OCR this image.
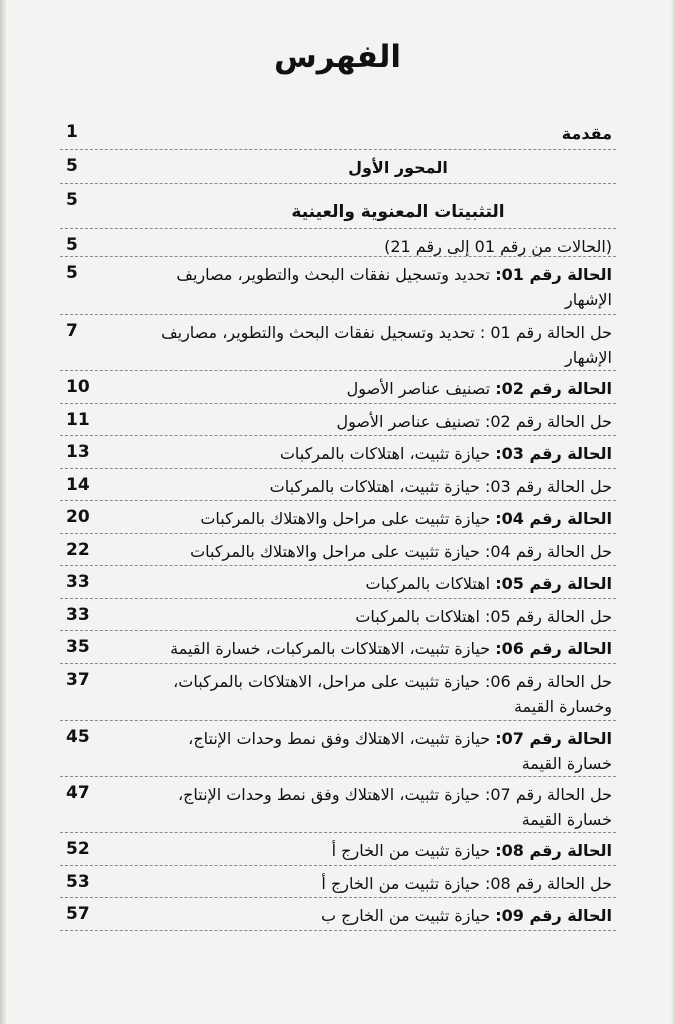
الفهرس
مقدمة
1
المحور الأول
5
التثبيتات المعنوية والعينية
5
(الحالات من رقم 01 إلى رقم 21)
5
الحالة رقم 01: تحديد وتسجيل نفقات البحث والتطوير، مصاريف الإشهار
5
حل الحالة رقم 01 : تحديد وتسجيل نفقات البحث والتطوير، مصاريف الإشهار
7
الحالة رقم 02: تصنيف عناصر الأصول
10
حل الحالة رقم 02: تصنيف عناصر الأصول
11
الحالة رقم 03: حيازة تثبيت، اهتلاكات بالمركبات
13
حل الحالة رقم 03: حيازة تثبيت، اهتلاكات بالمركبات
14
الحالة رقم 04: حيازة تثبيت على مراحل والاهتلاك بالمركبات
20
حل الحالة رقم 04: حيازة تثبيت على مراحل والاهتلاك بالمركبات
22
الحالة رقم 05: اهتلاكات بالمركبات
33
حل الحالة رقم 05: اهتلاكات بالمركبات
33
الحالة رقم 06: حيازة تثبيت، الاهتلاكات بالمركبات، خسارة القيمة
35
حل الحالة رقم 06: حيازة تثبيت على مراحل، الاهتلاكات بالمركبات، وخسارة القيمة
37
الحالة رقم 07: حيازة تثبيت، الاهتلاك وفق نمط وحدات الإنتاج، خسارة القيمة
45
حل الحالة رقم 07: حيازة تثبيت، الاهتلاك وفق نمط وحدات الإنتاج، خسارة القيمة
47
الحالة رقم 08: حيازة تثبيت من الخارج أ
52
حل الحالة رقم 08: حيازة تثبيت من الخارج أ
53
الحالة رقم 09: حيازة تثبيت من الخارج ب
57
